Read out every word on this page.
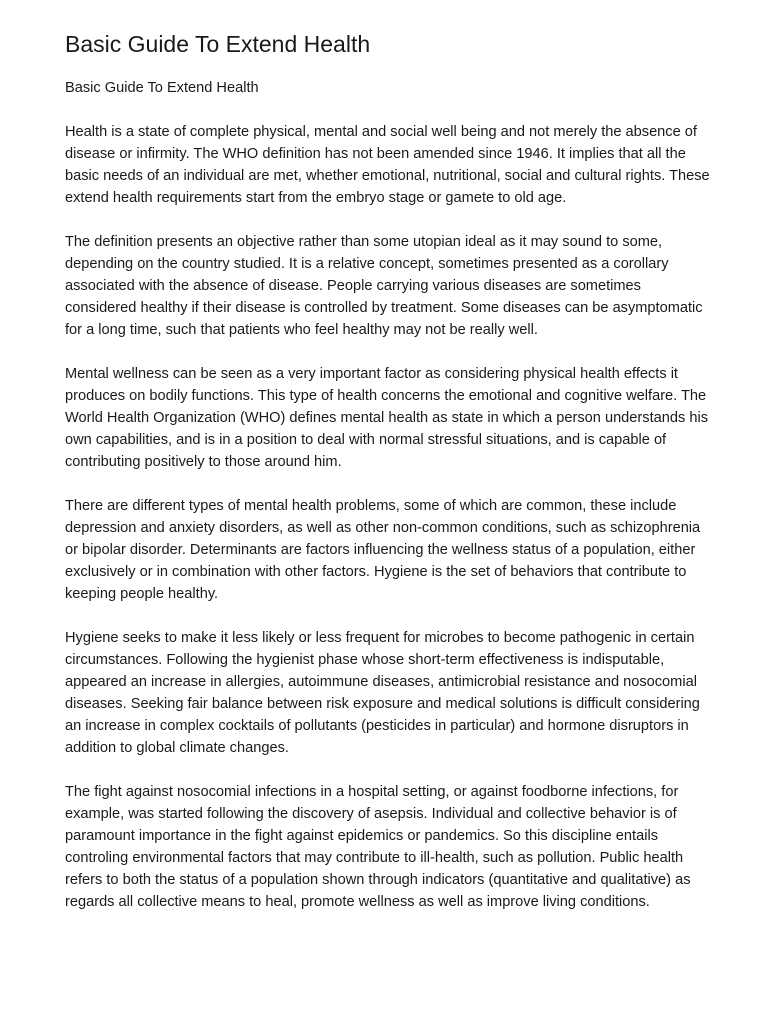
Basic Guide To Extend Health

Basic Guide To Extend Health

Health is a state of complete physical, mental and social well being and not merely the absence of disease or infirmity. The WHO definition has not been amended since 1946. It implies that all the basic needs of an individual are met, whether emotional, nutritional, social and cultural rights. These extend health requirements start from the embryo stage or gamete to old age.

The definition presents an objective rather than some utopian ideal as it may sound to some, depending on the country studied. It is a relative concept, sometimes presented as a corollary associated with the absence of disease. People carrying various diseases are sometimes considered healthy if their disease is controlled by treatment. Some diseases can be asymptomatic for a long time, such that patients who feel healthy may not be really well.

Mental wellness can be seen as a very important factor as considering physical health effects it produces on bodily functions. This type of health concerns the emotional and cognitive welfare. The World Health Organization (WHO) defines mental health as state in which a person understands his own capabilities, and is in a position to deal with normal stressful situations, and is capable of contributing positively to those around him.

There are different types of mental health problems, some of which are common, these include depression and anxiety disorders, as well as other non-common conditions, such as schizophrenia or bipolar disorder. Determinants are factors influencing the wellness status of a population, either exclusively or in combination with other factors. Hygiene is the set of behaviors that contribute to keeping people healthy.

Hygiene seeks to make it less likely or less frequent for microbes to become pathogenic in certain circumstances. Following the hygienist phase whose short-term effectiveness is indisputable, appeared an increase in allergies, autoimmune diseases, antimicrobial resistance and nosocomial diseases. Seeking fair balance between risk exposure and medical solutions is difficult considering an increase in complex cocktails of pollutants (pesticides in particular) and hormone disruptors in addition to global climate changes.

The fight against nosocomial infections in a hospital setting, or against foodborne infections, for example, was started following the discovery of asepsis. Individual and collective behavior is of paramount importance in the fight against epidemics or pandemics. So this discipline entails controling environmental factors that may contribute to ill-health, such as pollution. Public health refers to both the status of a population shown through indicators (quantitative and qualitative) as regards all collective means to heal, promote wellness as well as improve living conditions.
